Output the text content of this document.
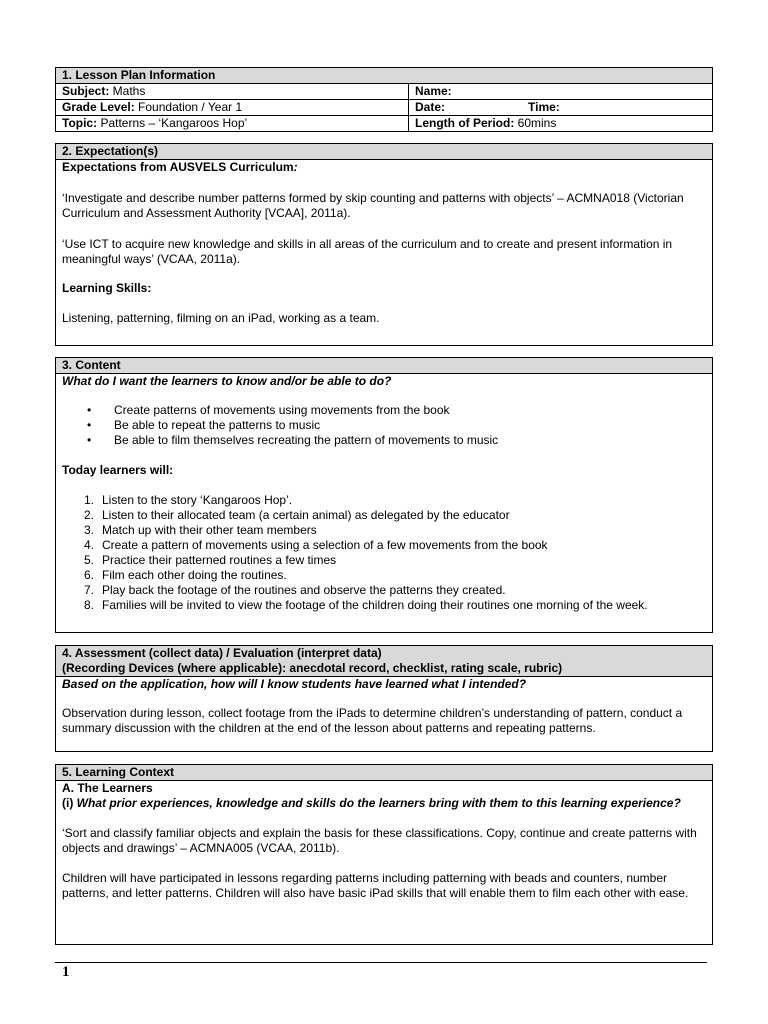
1. Lesson Plan Information
Subject: Maths	Name:
Grade Level: Foundation / Year 1	Date:	Time:
Topic: Patterns – ‘Kangaroos Hop’	Length of Period: 60mins
2. Expectation(s)

Expectations from AUSVELS Curriculum:

‘Investigate and describe number patterns formed by skip counting and patterns with objects’ – ACMNA018 (Victorian Curriculum and Assessment Authority [VCAA], 2011a).

‘Use ICT to acquire new knowledge and skills in all areas of the curriculum and to create and present information in meaningful ways’ (VCAA, 2011a).

Learning Skills:

Listening, patterning, filming on an iPad, working as a team.

3. Content

What do I want the learners to know and/or be able to do?

• Create patterns of movements using movements from the book
• Be able to repeat the patterns to music
• Be able to film themselves recreating the pattern of movements to music

Today learners will:

1. Listen to the story ‘Kangaroos Hop’.
2. Listen to their allocated team (a certain animal) as delegated by the educator
3. Match up with their other team members
4. Create a pattern of movements using a selection of a few movements from the book
5. Practice their patterned routines a few times
6. Film each other doing the routines.
7. Play back the footage of the routines and observe the patterns they created.
8. Families will be invited to view the footage of the children doing their routines one morning of the week.
4. Assessment (collect data) / Evaluation (interpret data)
(Recording Devices (where applicable): anecdotal record, checklist, rating scale, rubric)

Based on the application, how will I know students have learned what I intended?

Observation during lesson, collect footage from the iPads to determine children’s understanding of pattern, conduct a summary discussion with the children at the end of the lesson about patterns and repeating patterns.

5. Learning Context

A. The Learners

(i) What prior experiences, knowledge and skills do the learners bring with them to this learning experience?

‘Sort and classify familiar objects and explain the basis for these classifications. Copy, continue and create patterns with objects and drawings’ – ACMNA005 (VCAA, 2011b).

Children will have participated in lessons regarding patterns including patterning with beads and counters, number patterns, and letter patterns. Children will also have basic iPad skills that will enable them to film each other with ease.

1
